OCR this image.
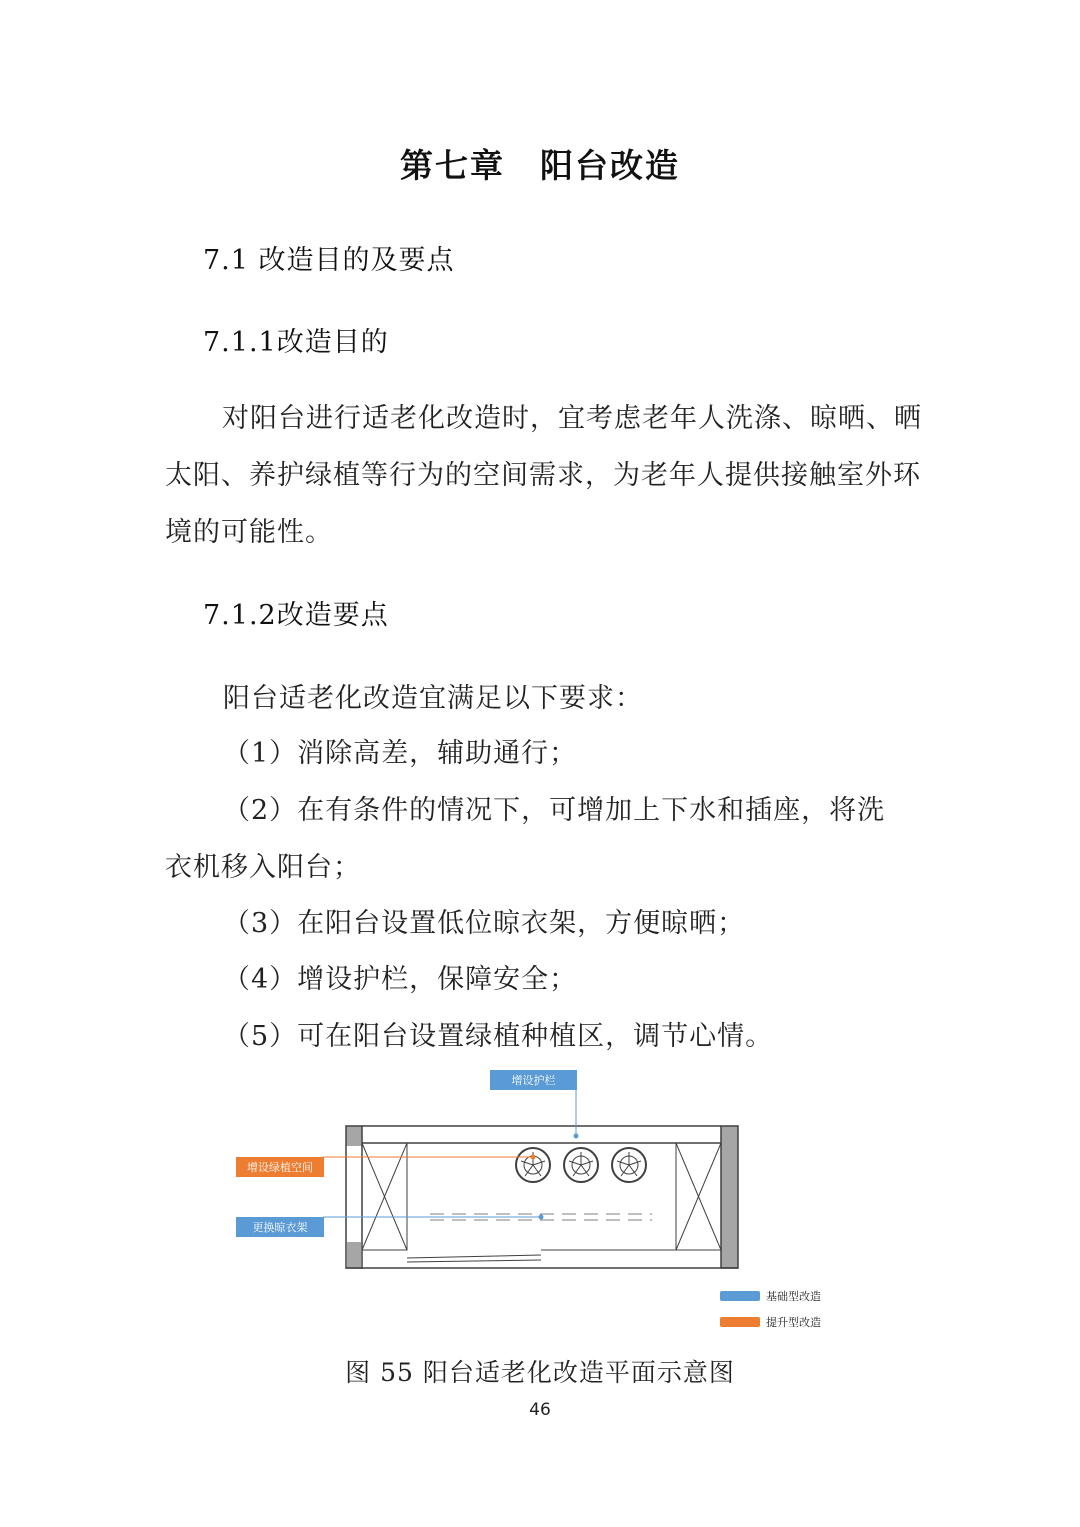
第七章　阳台改造
7.1 改造目的及要点
7.1.1改造目的
对阳台进行适老化改造时，宜考虑老年人洗涤、晾晒、晒太阳、养护绿植等行为的空间需求，为老年人提供接触室外环境的可能性。
7.1.2改造要点
阳台适老化改造宜满足以下要求：
（1）消除高差，辅助通行；
（2）在有条件的情况下，可增加上下水和插座，将洗
衣机移入阳台；
（3）在阳台设置低位晾衣架，方便晾晒；
（4）增设护栏，保障安全；
（5）可在阳台设置绿植种植区，调节心情。
增设护栏
增设绿植空间
更换晾衣架
基础型改造
提升型改造
图 55 阳台适老化改造平面示意图
46
